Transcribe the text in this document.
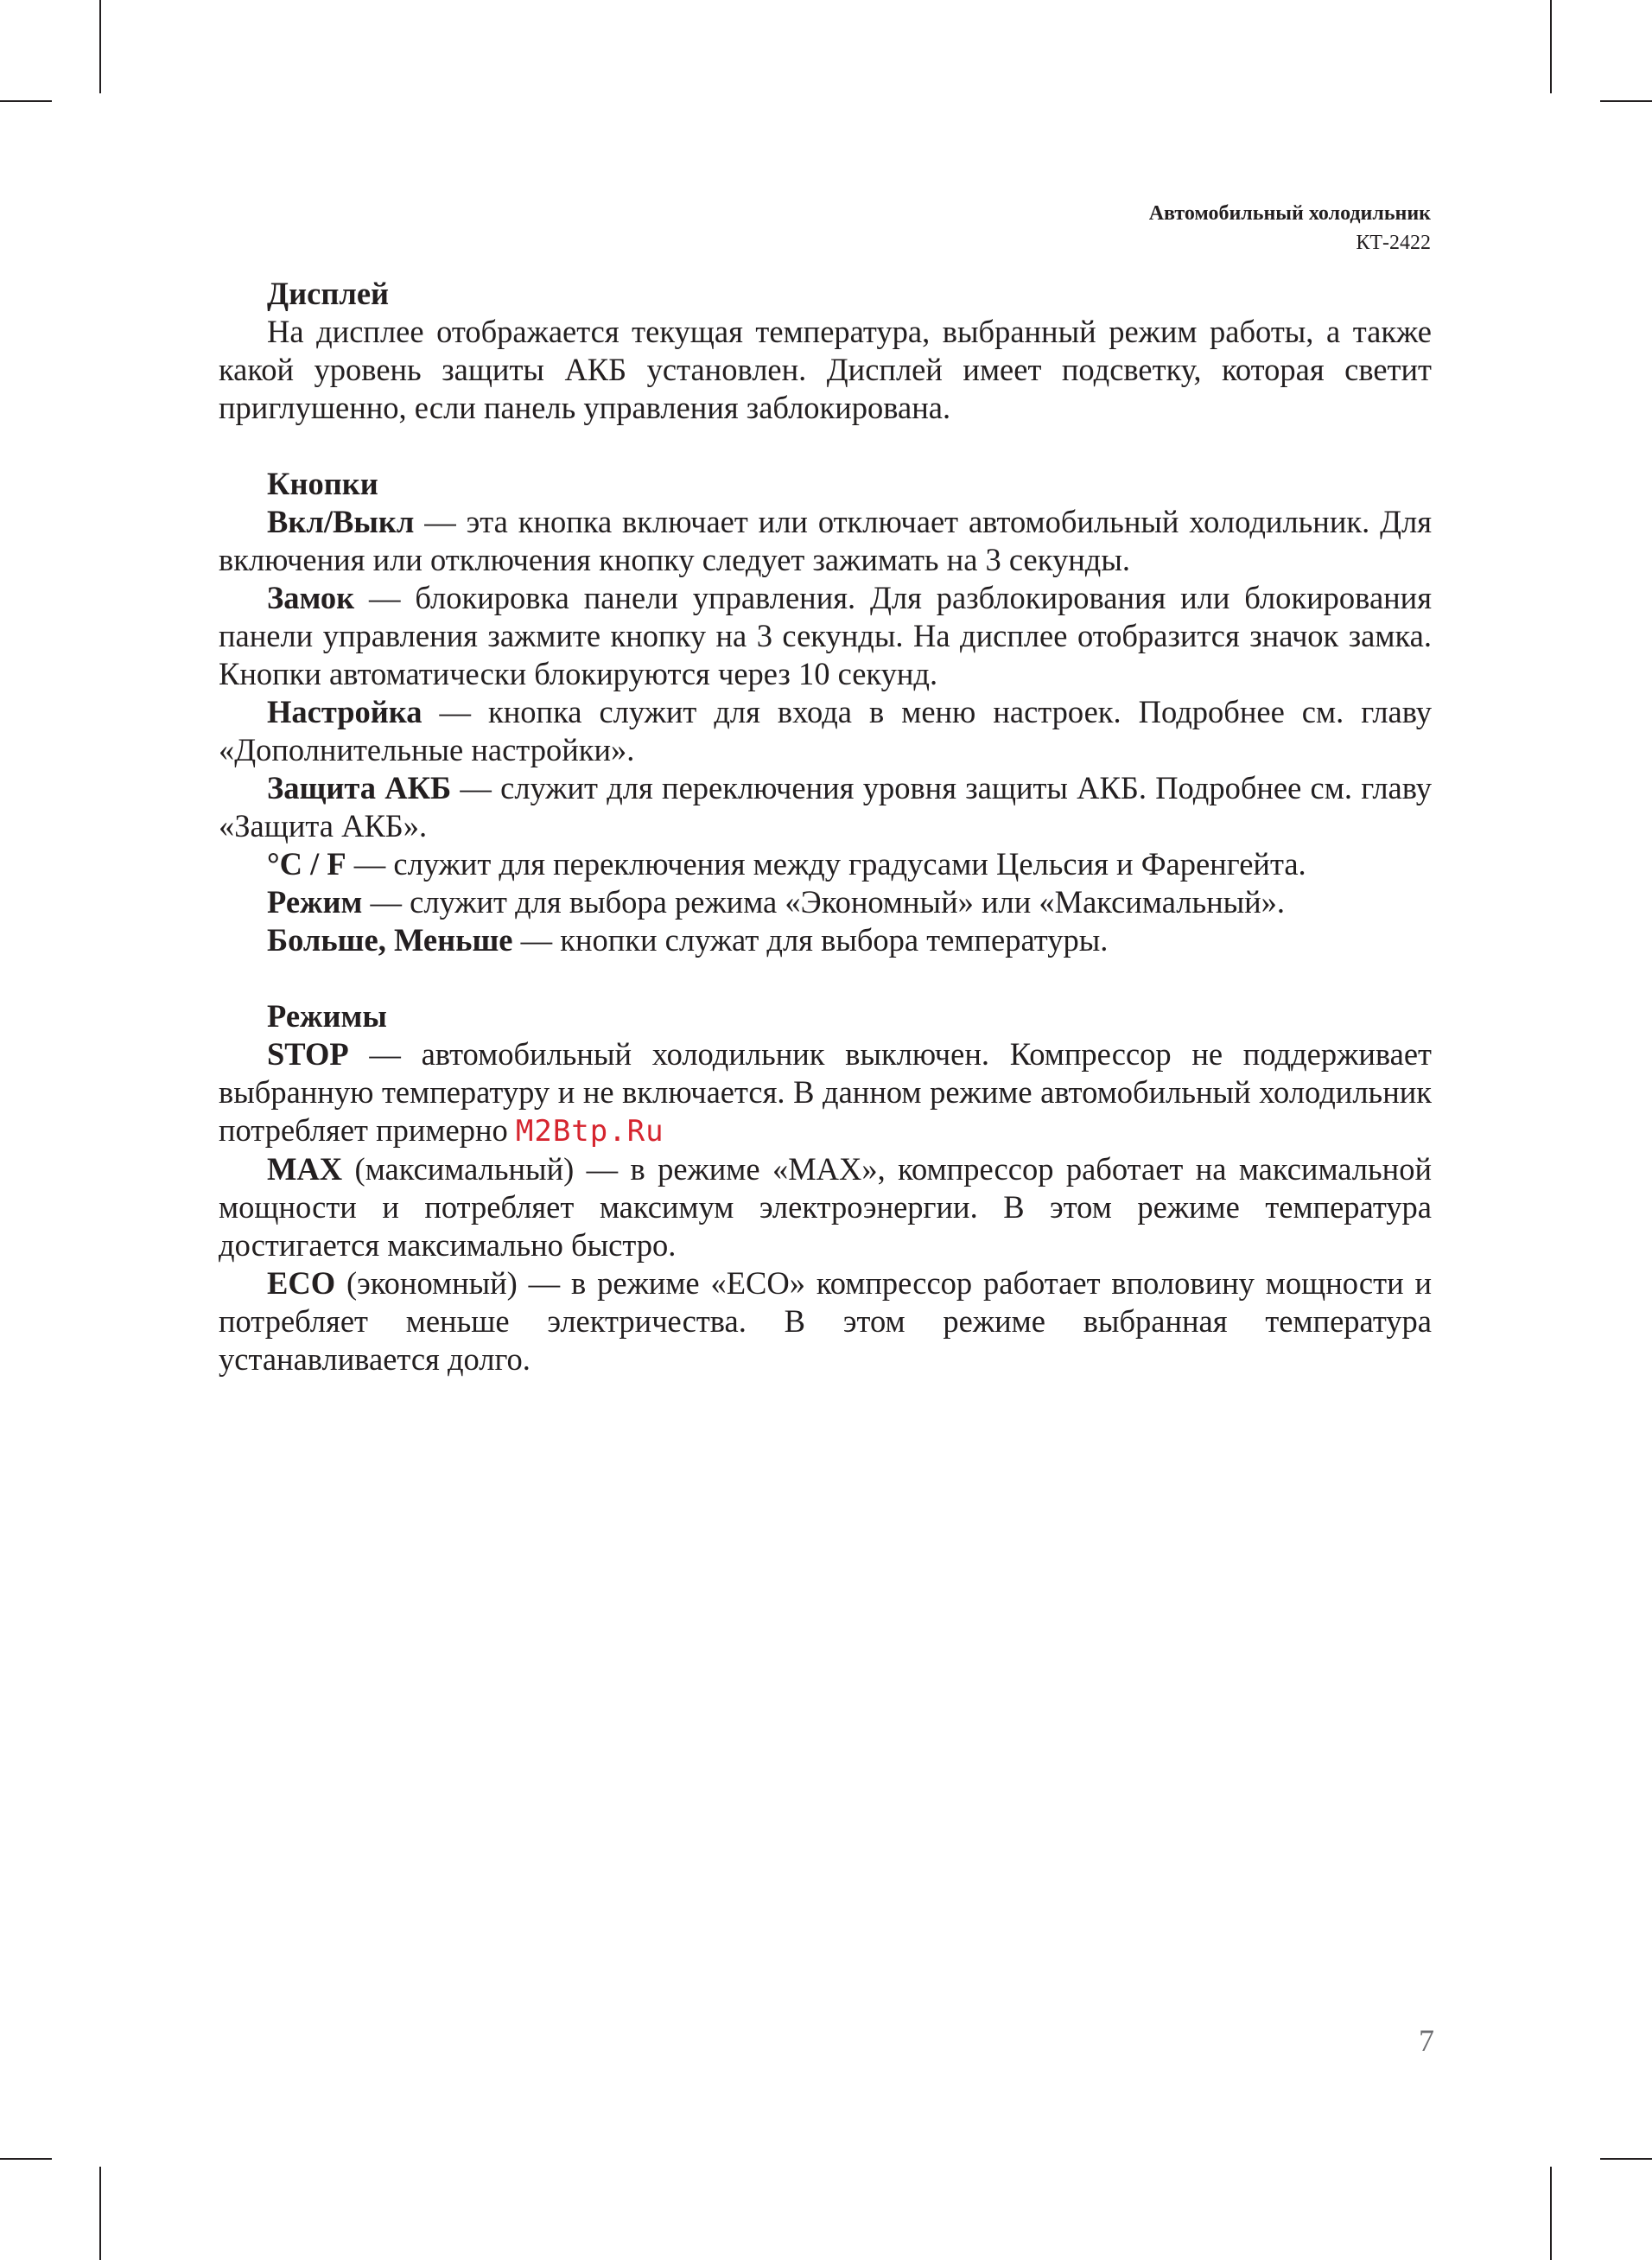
Автомобильный холодильник
КТ-2422
Дисплей
На дисплее отображается текущая температура, выбранный режим работы, а также какой уровень защиты АКБ установлен. Дисплей имеет подсветку, которая светит приглушенно, если панель управления заблокирована.
Кнопки
Вкл/Выкл — эта кнопка включает или отключает автомобильный холодильник. Для включения или отключения кнопку следует зажимать на 3 секунды.
Замок — блокировка панели управления. Для разблокирования или блокирования панели управления зажмите кнопку на 3 секунды. На дисплее отобразится значок замка. Кнопки автоматически блокируются через 10 секунд.
Настройка — кнопка служит для входа в меню настроек. Подробнее см. главу «Дополнительные настройки».
Защита АКБ — служит для переключения уровня защиты АКБ. Подробнее см. главу «Защита АКБ».
°C / F — служит для переключения между градусами Цельсия и Фаренгейта.
Режим — служит для выбора режима «Экономный» или «Максимальный».
Больше, Меньше — кнопки служат для выбора температуры.
Режимы
STOP — автомобильный холодильник выключен. Компрессор не поддерживает выбранную температуру и не включается. В данном режиме автомобильный холодильник потребляет примерно M2Btp.Ru
MAX (максимальный) — в режиме «MAX», компрессор работает на максимальной мощности и потребляет максимум электроэнергии. В этом режиме температура достигается максимально быстро.
ECO (экономный) — в режиме «ECO» компрессор работает вполовину мощности и потребляет меньше электричества. В этом режиме выбранная температура устанавливается долго.
7
